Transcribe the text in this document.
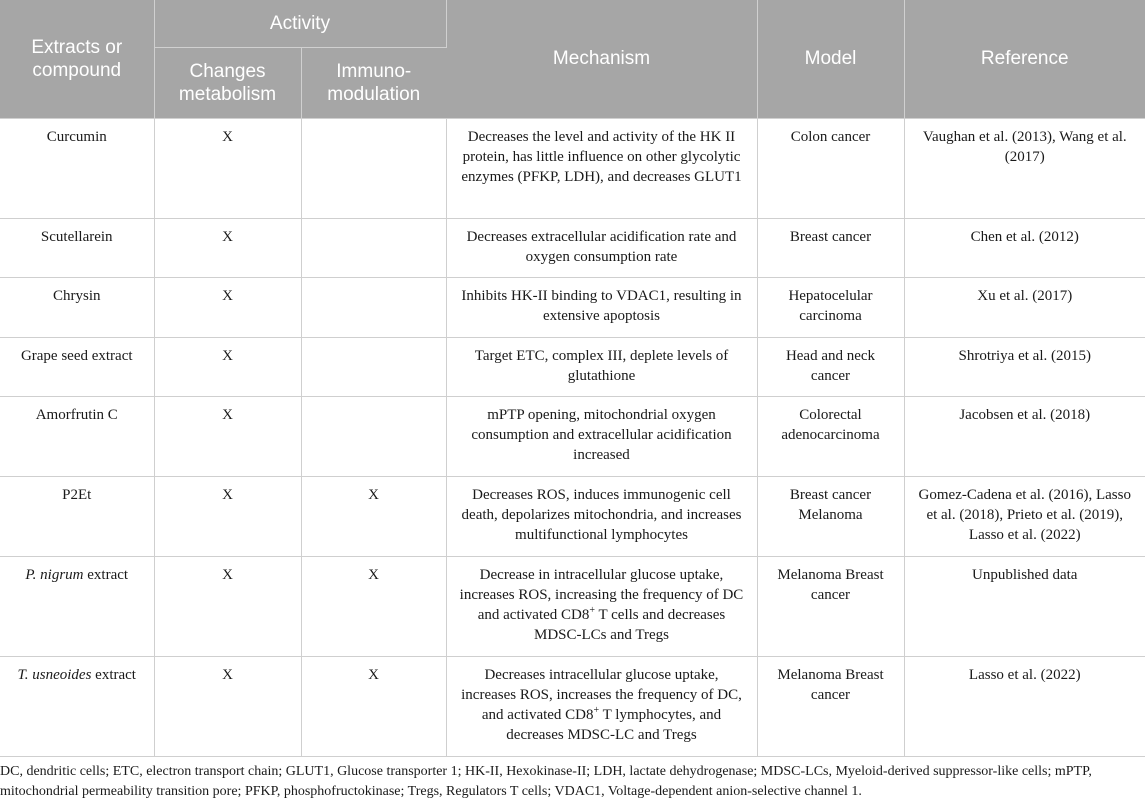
Extracts or compound	Activity		Mechanism	Model	Reference
	Changes metabolism	Immuno-modulation			
Curcumin	X		Decreases the level and activity of the HK II protein, has little influence on other glycolytic enzymes (PFKP, LDH), and decreases GLUT1	Colon cancer	Vaughan et al. (2013), Wang et al. (2017)
Scutellarein	X		Decreases extracellular acidification rate and oxygen consumption rate	Breast cancer	Chen et al. (2012)
Chrysin	X		Inhibits HK-II binding to VDAC1, resulting in extensive apoptosis	Hepatocelular carcinoma	Xu et al. (2017)
Grape seed extract	X		Target ETC, complex III, deplete levels of glutathione	Head and neck cancer	Shrotriya et al. (2015)
Amorfrutin C	X		mPTP opening, mitochondrial oxygen consumption and extracellular acidification increased	Colorectal adenocarcinoma	Jacobsen et al. (2018)
P2Et	X	X	Decreases ROS, induces immunogenic cell death, depolarizes mitochondria, and increases multifunctional lymphocytes	Breast cancer Melanoma	Gomez-Cadena et al. (2016), Lasso et al. (2018), Prieto et al. (2019), Lasso et al. (2022)
P. nigrum extract	X	X	Decrease in intracellular glucose uptake, increases ROS, increasing the frequency of DC and activated CD8+ T cells and decreases MDSC-LCs and Tregs	Melanoma Breast cancer	Unpublished data
T. usneoides extract	X	X	Decreases intracellular glucose uptake, increases ROS, increases the frequency of DC, and activated CD8+ T lymphocytes, and decreases MDSC-LC and Tregs	Melanoma Breast cancer	Lasso et al. (2022)
DC, dendritic cells; ETC, electron transport chain; GLUT1, Glucose transporter 1; HK-II, Hexokinase-II; LDH, lactate dehydrogenase; MDSC-LCs, Myeloid-derived suppressor-like cells; mPTP, mitochondrial permeability transition pore; PFKP, phosphofructokinase; Tregs, Regulators T cells; VDAC1, Voltage-dependent anion-selective channel 1.
